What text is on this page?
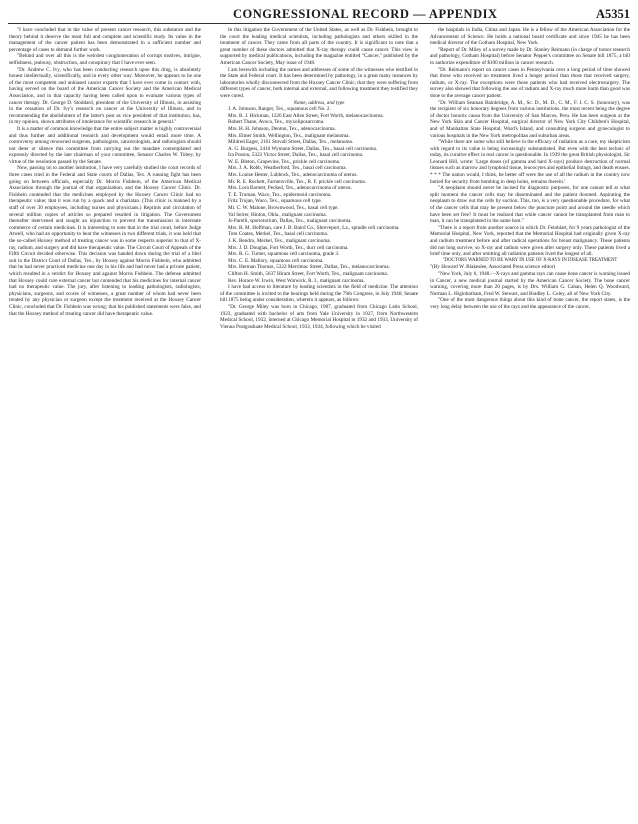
CONGRESSIONAL RECORD — APPENDIX	A5351

"I have concluded that in the value of present cancer research, this substance and the theory behind it deserve the most full and complete and scientific study. Its value in the management of the cancer patient has been demonstrated in a sufficient number and percentage of cases to demand further work.

"Behind and over all this is the weirdest conglomeration of corrupt motives, intrigue, selfishness, jealousy, obstruction, and conspiracy that I have ever seen.

"Dr. Andrew C. Ivy, who has been conducting research upon this drug, is absolutely honest intellectually, scientifically, and in every other way. Moreover, he appears to be one of the most competent and unbiased cancer experts that I have ever come in contact with, having served on the board of the American Cancer Society and the American Medical Association, and in that capacity having been called upon to evaluate various types of cancer therapy. Dr. George D. Stoddard, president of the University of Illinois, in assisting in the cessation of Dr. Ivy's research on cancer at the University of Illinois, and in recommending the abolishment of the latter's post as vice president of that institution, has, in my opinion, shown attributes of intolerance for scientific research in general."

It is a matter of common knowledge that the entire subject matter is highly controversial and thus further and additional research and development would entail more time. A controversy among renowned surgeons, pathologists, cancerologists, and radiologists should not deter or silence this committee from carrying out the mandate contemplated and expressly directed by the late chairman of your committee, Senator Charles W. Tobey, by virtue of the resolution passed by the Senate.

Now, passing on to another institution, I have very carefully studied the court records of three cases tried in the Federal and State courts of Dallas, Tex. A running fight has been going on between officials, especially Dr. Morris Fishbein, of the American Medical Association through the journal of that organization, and the Hoxsey Cancer Clinic. Dr. Fishbein contended that the medicines employed by the Hoxsey Cancer Clinic had no therapeutic value; that it was run by a quack and a charlatan. (This clinic is manned by a staff of over 30 employees, including nurses and physicians.) Reprints and circulation of several million copies of articles so prepared resulted in litigation. The Government thereafter intervened and sought an injunction to prevent the transmission in interstate commerce of certain medicines. It is interesting to note that in the trial court, before Judge Atwell, who had an opportunity to hear the witnesses in two different trials, it was held that the so-called Hoxsey method of treating cancer was in some respects superior to that of X-ray, radium, and surgery and did have therapeutic value. The Circuit Court of Appeals of the Fifth Circuit decided otherwise. This decision was handed down during the trial of a libel suit in the District Court of Dallas, Tex., by Hoxsey against Morris Fishbein, who admitted that he had never practiced medicine one day in his life and had never had a private patient, which resulted in a verdict for Hoxsey and against Morris Fishbein. The defense admitted that Hoxsey could cure external cancer but contended that his medicines for internal cancer had no therapeutic value. The jury, after listening to leading pathologists, radiologists, physicians, surgeons, and scores of witnesses, a great number of whom had never been treated by any physician or surgeon except the treatment received at the Hoxsey Cancer Clinic, concluded that Dr. Fishbein was wrong; that his published statements were false, and that the Hoxsey method of treating cancer did have therapeutic value.

In this litigation the Government of the United States, as well as Dr. Fishbein, brought to the court the leading medical scientists, including pathologists and others skilled in the treatment of cancer. They came from all parts of the country. It is significant to note that a great number of these doctors admitted that X-ray therapy could cause cancer. This view is supported by medical publications, including the magazine entitled "Cancer," published by the American Cancer Society, May issue of 1948.

I am herewith including the names and addresses of some of the witnesses who testified in the State and Federal court. It has been determined by pathology, in a great many instances by laboratories wholly disconnected from the Hoxsey Cancer Clinic, that they were suffering from different types of cancer, both internal and external, and following treatment they testified they were cured.

Name, address, and type

J. A. Johnson, Ranger, Tex., squamous cell No. 2.

Mrs. R. J. Hickman, 1226 East Allen Street, Fort Worth, melanocarcinoma.

Robert Thane, Avoca, Tex., myxoliposarcoma.

Mrs. H. H. Johnson, Denton, Tex., adenocarcinoma.

Mrs. Elmer Smith, Wellington, Tex., malignant melanoma.

Mildred Eager, 2161 Stovall Street, Dallas, Tex., melanoma.

A. G. Burgess, 2416 Wymann Street, Dallas, Tex., basal cell carcinoma.

Ira Poston, 5322 Victor Street, Dallas, Tex., basal cell carcinoma.

W. E. Bleton, Grapevine, Tex., prickle cell carcinoma.

Mrs. J. A. Robb, Weatherford, Tex., basal cell carcinoma.

Mrs. Louise Hester, Lubbock, Tex., adenocarcinoma of uterus.

Mr. R. E. Rockett, Farmersville, Tex., R. F. prickle cell carcinoma.

Mrs. Lora Barnett, Pecked, Tex., adenocarcinoma of uterus.

T. E. Truman, Waco, Tex., epidermoid carcinoma.

Fritz Trojan, Waco, Tex., squamous cell type.

Mr. C. W. Malone, Brownwood, Tex., basal cell type.

Val Seirer, Hinton, Okla., malignant carcinoma.

Jo Parelli, sportotorium, Dallas, Tex., malignant carcinoma.

Mrs. R. M. Hoffman, care J. B. Baird Co., Shreveport, La., spindle cell carcinoma.

Tom Coates, Merkel, Tex., basal cell carcinoma.

J. K. Rendro, Merkel, Tex., malignant carcinoma.

Mrs. J. D. Douglas, Fort Worth, Tex., duct cell carcinoma.

Mrs. R. G. Turner, squamous cell carcinoma, grade 3.

Mrs. C. E. Mallory, squamous cell carcinoma.

Mrs. Herman Thomas, 5322 Merrimac Street, Dallas, Tex., melanocarcinoma.

Clifton H. Smith, 5637 Hiram Street, Fort Worth, Tex., malignant carcinoma.

Rev. Horace W. Irwin, West Warwick, R. I., malignant carcinoma.

I have had access to literature by leading scientists in the field of medicine. The attention of the committee is invited to the hearings held during the 79th Congress, in July 1946; Senate bill 1875 being under consideration, wherein it appears, as follows:

"Dr. George Miley was born in Chicago, 1907, graduated from Chicago Latin School, 1923, graduated with bachelor of arts from Yale University in 1927, from Northwestern Medical School, 1932, interned at Chicago Memorial Hospital in 1932 and 1933, University of Vienna Postgraduate Medical School, 1933, 1934, following which he visited

the hospitals in India, China and Japan. He is a fellow of the American Association for the Advancement of Science. He holds a national board certificate and since 1945 he has been medical director of the Gotham Hospital, New York.

"Report of Dr. Miley of a survey made by Dr. Stanley Reimann (in charge of tumor research and pathology, Gotham Hospital) before Senator Pepper's committee on Senate bill 1875, a bill to authorize expenditure of $100 million in cancer research.

"Dr. Reimann's report on cancer cases in Pennsylvania over a long period of time showed that those who received no treatment lived a longer period than those that received surgery, radium, or X-ray. The exceptions were those patients who had received electrosurgery. The survey also showed that following the use of radium and X-ray much more harm than good was done to the average cancer patient.

"Dr. William Seaman Bainbridge, A. M., Sc. D., M. D., C. M., F. I. C. S. (honorary), was the recipient of six honorary degrees from various institutions, the most recent being the degree of doctor honoris causa from the University of San Marcos, Peru. He has been surgeon at the New York Skin and Cancer Hospital, surgical director of New York City Children's Hospital, and of Manhattan State Hospital, Ward's Island, and consulting surgeon and gynecologist to various hospitals in the New York metropolitan and suburban areas.

"While there are some who still believe in the efficacy of radiation as a cure, my skepticism with regard to its value is being increasingly substantiated. But even with the best technic of today, its curative effect in real cancer is questionable. In 1939 the great British physiologist, Sir Leonard Hill, wrote: 'Large doses (of gamma and hard X-rays) produce destruction of normal tissues such as marrow and lymphoid tissue, leucocytes and epithelial linings, and death ensues. * * * The nation would, I think, be better off were the use of all the radium in the country now buried for security from bombing in deep holes, remains therein.'

"A neoplasm should never be incised for diagnostic purposes, for one cannot tell at what split moment the cancer cells may be disseminated and the patient doomed. Aspirating the neoplasm to draw out the cells by suction. This, too, is a very questionable procedure, for what of the cancer cells that may be present below the puncture point and around the needle which have been set free? It must be realized that while cancer cannot be transplanted from man to man, it can be transplanted in the same host."

"There is a report from another source in which Dr. Feinblatt, for 9 years pathologist of the Memorial Hospital, New York, reported that the Memorial Hospital had originally given X-ray and radium treatment before and after radical operations for breast malignancy. These patients did not long survive, so X-ray and radium were given after surgery only. These patients lived a brief time only, and after omitting all radiation patients lived the longest of all.

"DOCTORS WARNED TO BE WARY IN USE OF X-RAYS IN DISEASE TREATMENT

"(By Howard W. Blakeslee, Associated Press science editor)

"New York, July 6, 1948.—X-rays and gamma rays can cause bone cancer is warning issued in Cancer, a new medical journal started by the American Cancer Society. The bone cancer warning, covering more than 20 pages, is by Drs. William G. Cahan, Helen Q. Woodward, Norman L. Higinbotham, Fred W. Stewart, and Bradley L. Coley, all of New York City.

"One of the most dangerous things about this kind of bone cancer, the report states, is the very long delay between the use of the rays and the appearance of the cancer.
